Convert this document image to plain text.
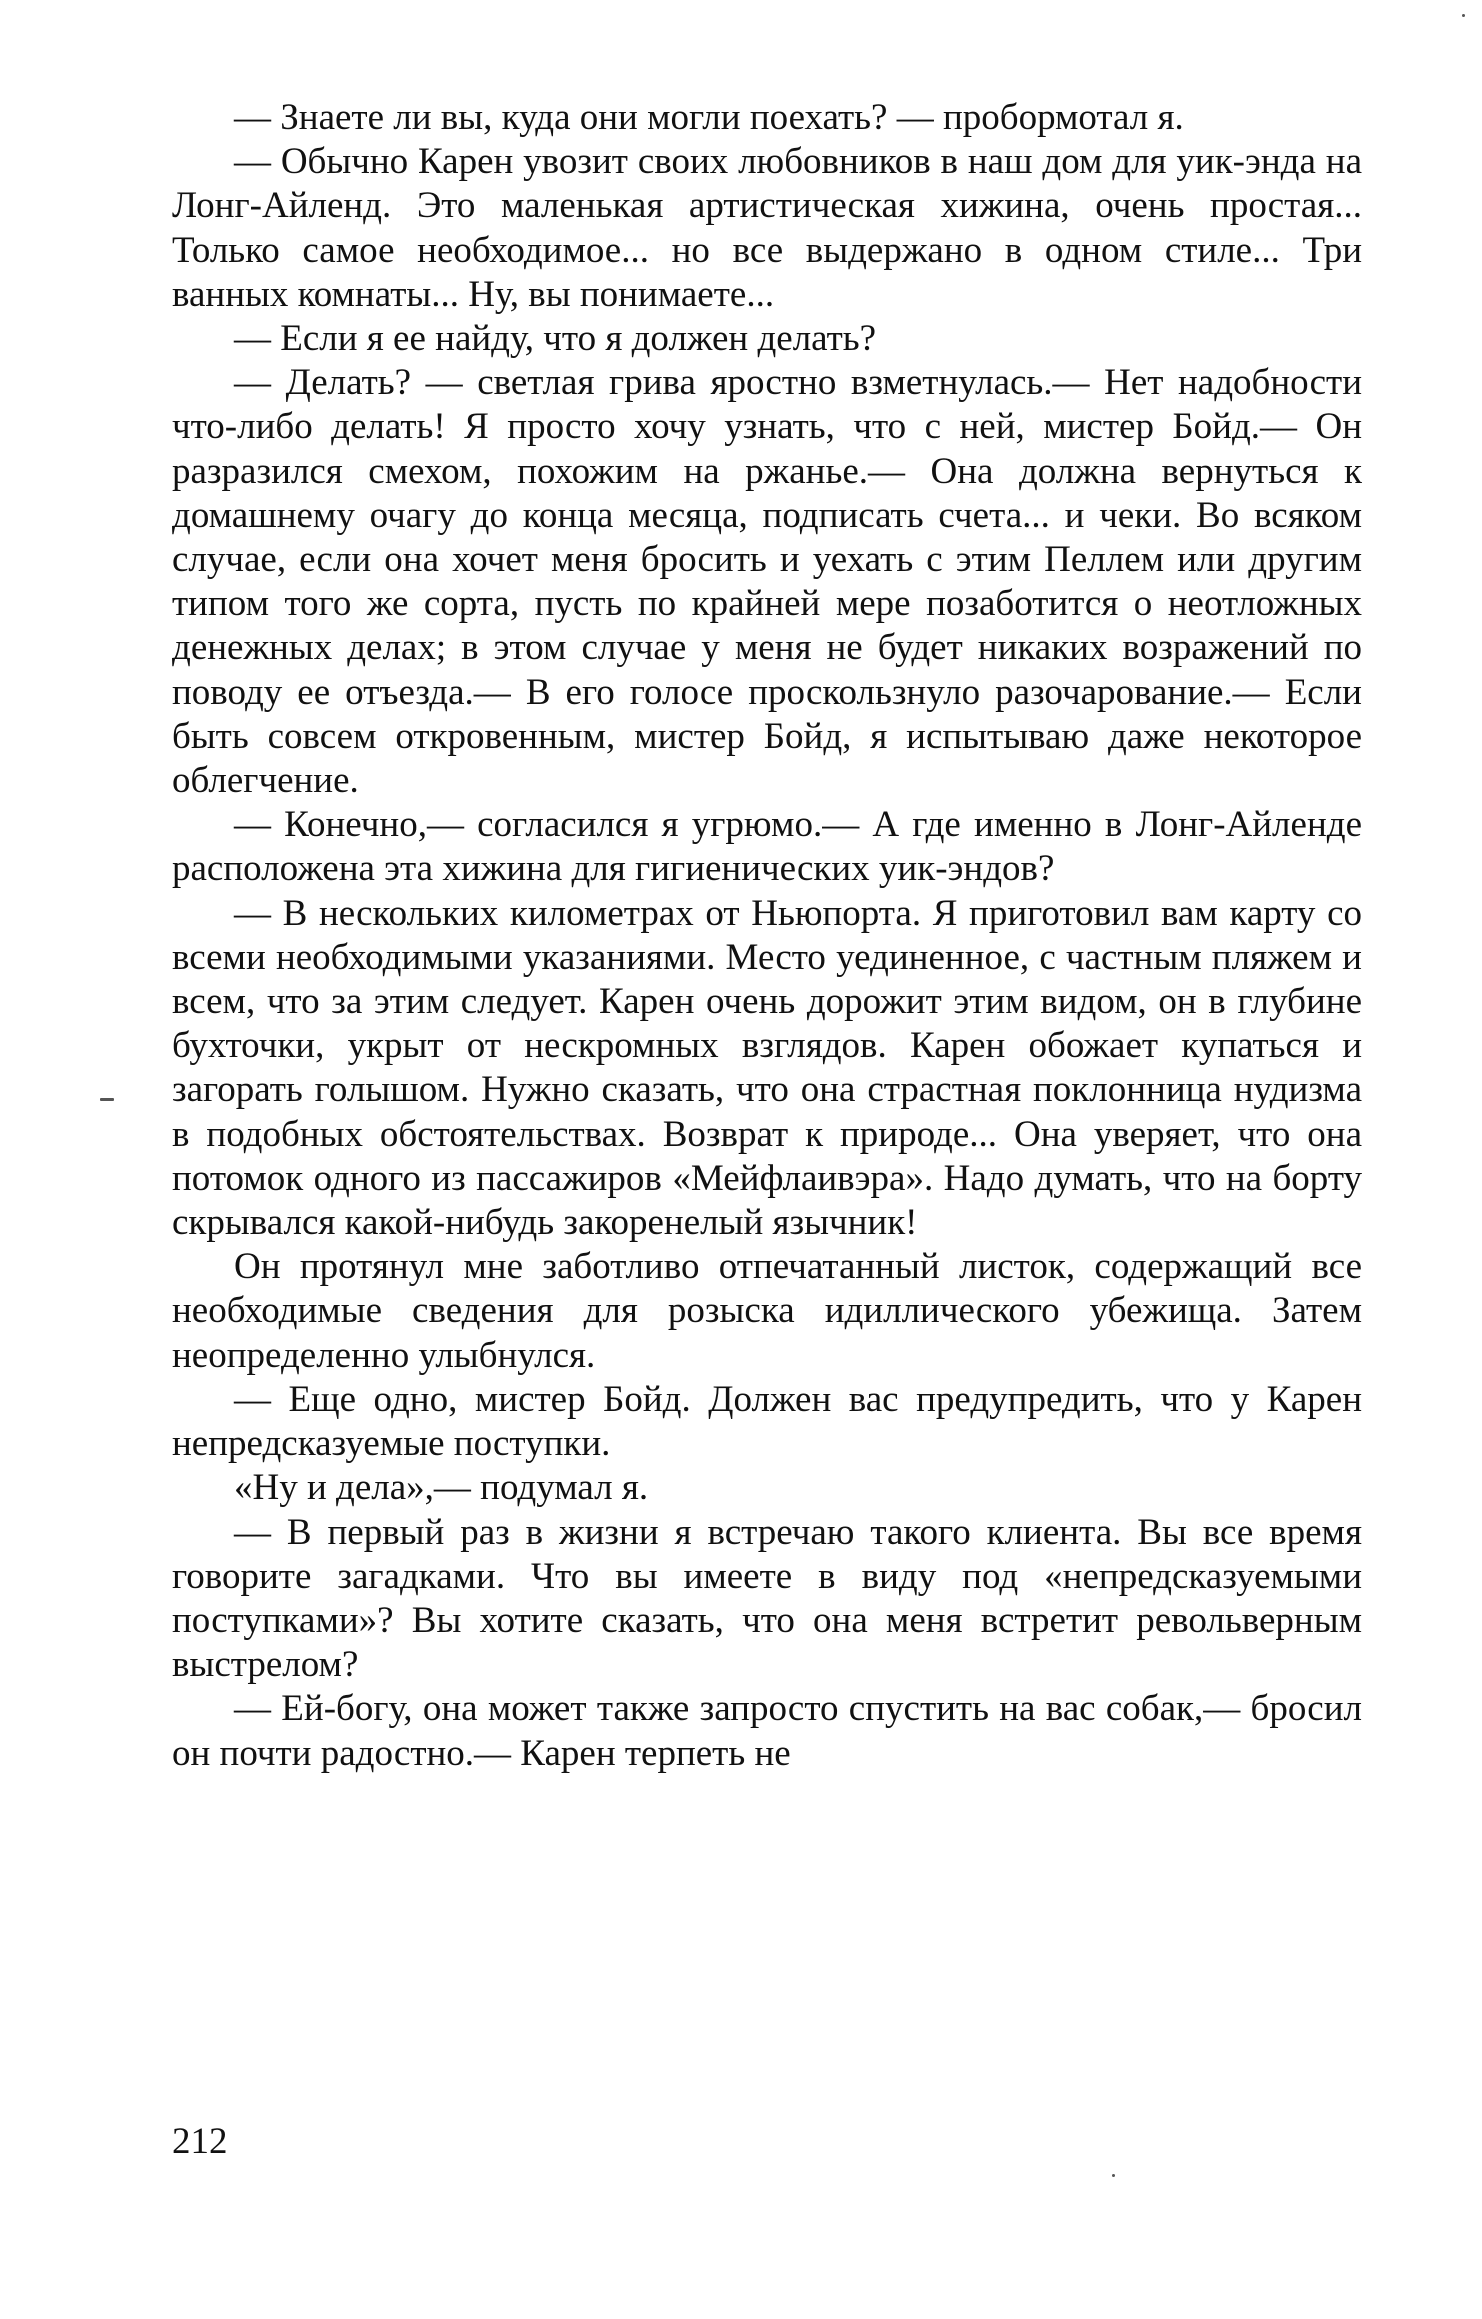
— Знаете ли вы, куда они могли поехать? — пробормотал я.

— Обычно Карен увозит своих любовников в наш дом для уик-энда на Лонг-Айленд. Это маленькая артистическая хижина, очень простая... Только самое необходимое... но все выдержано в одном стиле... Три ванных комнаты... Ну, вы понимаете...

— Если я ее найду, что я должен делать?

— Делать? — светлая грива яростно взметнулась.— Нет надобности что-либо делать! Я просто хочу узнать, что с ней, мистер Бойд.— Он разразился смехом, похожим на ржанье.— Она должна вернуться к домашнему очагу до конца месяца, подписать счета... и чеки. Во всяком случае, если она хочет меня бросить и уехать с этим Пеллем или другим типом того же сорта, пусть по крайней мере позаботится о неотложных денежных делах; в этом случае у меня не будет никаких возражений по поводу ее отъезда.— В его голосе проскользнуло разочарование.— Если быть совсем откровенным, мистер Бойд, я испытываю даже некоторое облегчение.

— Конечно,— согласился я угрюмо.— А где именно в Лонг-Айленде расположена эта хижина для гигиенических уик-эндов?

— В нескольких километрах от Ньюпорта. Я приготовил вам карту со всеми необходимыми указаниями. Место уединенное, с частным пляжем и всем, что за этим следует. Карен очень дорожит этим видом, он в глубине бухточки, укрыт от нескромных взглядов. Карен обожает купаться и загорать голышом. Нужно сказать, что она страстная поклонница нудизма в подобных обстоятельствах. Возврат к природе... Она уверяет, что она потомок одного из пассажиров «Мейфлаивэра». Надо думать, что на борту скрывался какой-нибудь закоренелый язычник!

Он протянул мне заботливо отпечатанный листок, содержащий все необходимые сведения для розыска идиллического убежища. Затем неопределенно улыбнулся.

— Еще одно, мистер Бойд. Должен вас предупредить, что у Карен непредсказуемые поступки.

«Ну и дела»,— подумал я.

— В первый раз в жизни я встречаю такого клиента. Вы все время говорите загадками. Что вы имеете в виду под «непредсказуемыми поступками»? Вы хотите сказать, что она меня встретит револьверным выстрелом?

— Ей-богу, она может также запросто спустить на вас собак,— бросил он почти радостно.— Карен терпеть не

212
